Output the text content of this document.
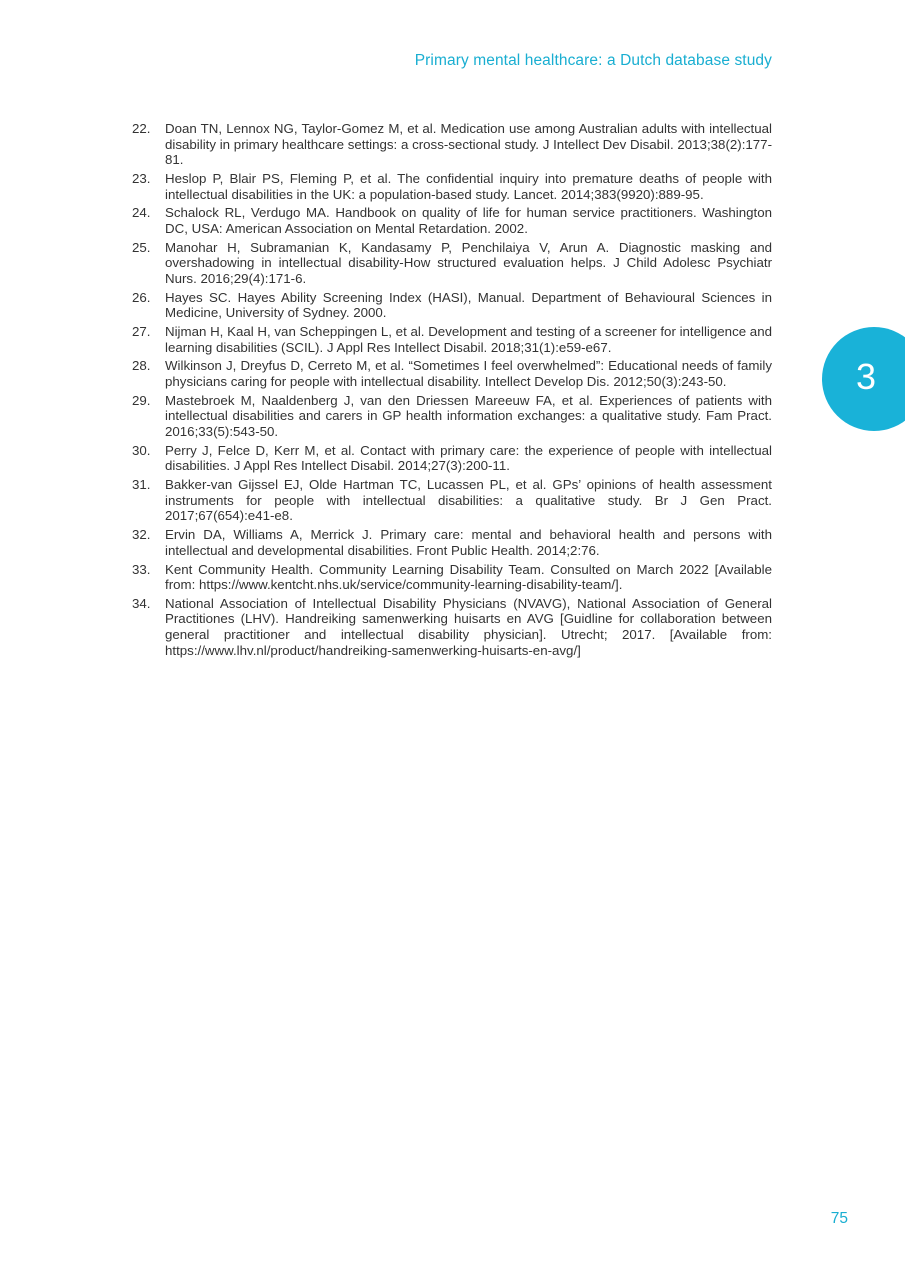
Primary mental healthcare: a Dutch database study
22.	Doan TN, Lennox NG, Taylor-Gomez M, et al. Medication use among Australian adults with intellectual disability in primary healthcare settings: a cross-sectional study. J Intellect Dev Disabil. 2013;38(2):177-81.
23.	Heslop P, Blair PS, Fleming P, et al. The confidential inquiry into premature deaths of people with intellectual disabilities in the UK: a population-based study. Lancet. 2014;383(9920):889-95.
24.	Schalock RL, Verdugo MA. Handbook on quality of life for human service practitioners. Washington DC, USA: American Association on Mental Retardation. 2002.
25.	Manohar H, Subramanian K, Kandasamy P, Penchilaiya V, Arun A. Diagnostic masking and overshadowing in intellectual disability-How structured evaluation helps. J Child Adolesc Psychiatr Nurs. 2016;29(4):171-6.
26.	Hayes SC. Hayes Ability Screening Index (HASI), Manual. Department of Behavioural Sciences in Medicine, University of Sydney. 2000.
27.	Nijman H, Kaal H, van Scheppingen L, et al. Development and testing of a screener for intelligence and learning disabilities (SCIL). J Appl Res Intellect Disabil. 2018;31(1):e59-e67.
28.	Wilkinson J, Dreyfus D, Cerreto M, et al. “Sometimes I feel overwhelmed”: Educational needs of family physicians caring for people with intellectual disability. Intellect Develop Dis. 2012;50(3):243-50.
29.	Mastebroek M, Naaldenberg J, van den Driessen Mareeuw FA, et al. Experiences of patients with intellectual disabilities and carers in GP health information exchanges: a qualitative study. Fam Pract. 2016;33(5):543-50.
30.	Perry J, Felce D, Kerr M, et al. Contact with primary care: the experience of people with intellectual disabilities. J Appl Res Intellect Disabil. 2014;27(3):200-11.
31.	Bakker-van Gijssel EJ, Olde Hartman TC, Lucassen PL, et al. GPs’ opinions of health assessment instruments for people with intellectual disabilities: a qualitative study. Br J Gen Pract. 2017;67(654):e41-e8.
32.	Ervin DA, Williams A, Merrick J. Primary care: mental and behavioral health and persons with intellectual and developmental disabilities. Front Public Health. 2014;2:76.
33.	Kent Community Health. Community Learning Disability Team. Consulted on March 2022 [Available from: https://www.kentcht.nhs.uk/service/community-learning-disability-team/].
34.	National Association of Intellectual Disability Physicians (NVAVG), National Association of General Practitiones (LHV). Handreiking samenwerking huisarts en AVG [Guidline for collaboration between general practitioner and intellectual disability physician]. Utrecht; 2017. [Available from: https://www.lhv.nl/product/handreiking-samenwerking-huisarts-en-avg/]
3
75
